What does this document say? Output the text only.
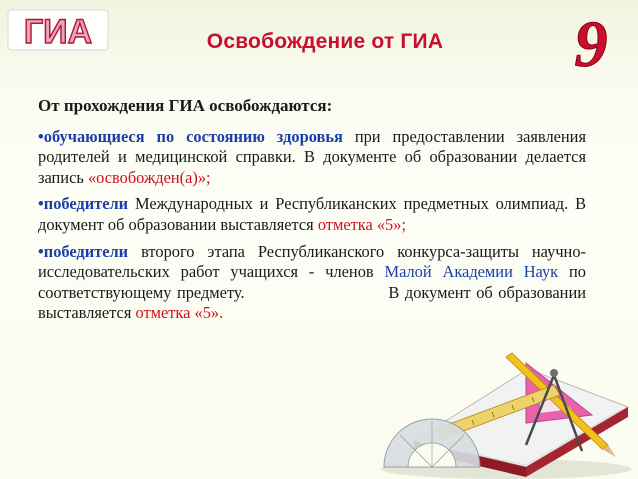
ГИА	9
Освобождение от ГИА
От прохождения ГИА освобождаются:
•обучающиеся по состоянию здоровья при предоставлении заявления родителей и медицинской справки. В документе об образовании делается запись «освобожден(а)»;
•победители Международных и Республиканских предметных олимпиад. В документ об образовании выставляется отметка «5»;
•победители второго этапа Республиканского конкурса-защиты научно-исследовательских работ учащихся - членов Малой Академии Наук по соответствующему предмету.                          В документ об образовании  выставляется отметка «5».
